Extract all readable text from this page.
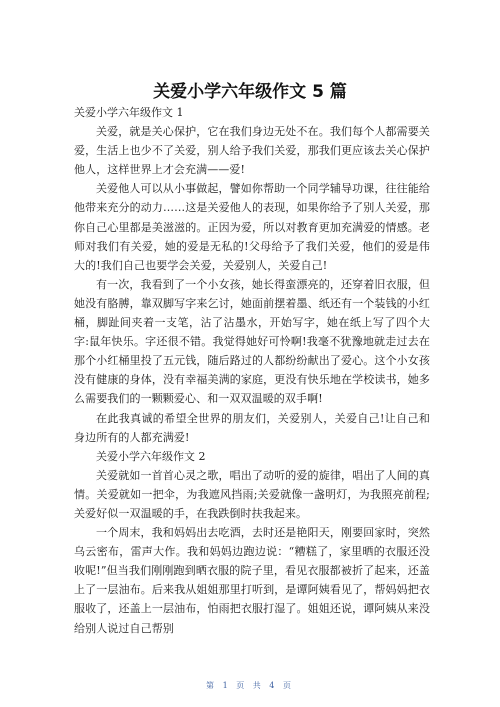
关爱小学六年级作文 5 篇

关爱小学六年级作文 1

关爱，就是关心保护，它在我们身边无处不在。我们每个人都需要关爱，生活上也少不了关爱，别人给予我们关爱，那我们更应该去关心保护他人，这样世界上才会充满——爱!

关爱他人可以从小事做起，譬如你帮助一个同学辅导功课，往往能给他带来充分的动力……这是关爱他人的表现，如果你给予了别人关爱，那你自己心里都是美滋滋的。正因为爱，所以对教育更加充满爱的情感。老师对我们有关爱，她的爱是无私的!父母给予了我们关爱，他们的爱是伟大的!我们自己也要学会关爱，关爱别人，关爱自己!

有一次，我看到了一个小女孩，她长得蛮漂亮的，还穿着旧衣服，但她没有胳膊，靠双脚写字来乞讨，她面前摆着墨、纸还有一个装钱的小红桶，脚趾间夹着一支笔，沾了沾墨水，开始写字，她在纸上写了四个大字:鼠年快乐。字还很不错。我觉得她好可怜啊!我毫不犹豫地就走过去在那个小红桶里投了五元钱，随后路过的人都纷纷献出了爱心。这个小女孩没有健康的身体，没有幸福美满的家庭，更没有快乐地在学校读书，她多么需要我们的一颗颗爱心、和一双双温暖的双手啊!

在此我真诚的希望全世界的朋友们，关爱别人，关爱自己!让自己和身边所有的人都充满爱!

关爱小学六年级作文 2

关爱就如一首首心灵之歌，唱出了动听的爱的旋律，唱出了人间的真情。关爱就如一把伞，为我遮风挡雨;关爱就像一盏明灯，为我照亮前程;关爱好似一双温暖的手，在我跌倒时扶我起来。

一个周末，我和妈妈出去吃酒，去时还是艳阳天，刚要回家时，突然乌云密布，雷声大作。我和妈妈边跑边说：“糟糕了，家里晒的衣服还没收呢!”但当我们刚刚跑到晒衣服的院子里，看见衣服都被折了起来，还盖上了一层油布。后来我从姐姐那里打听到，是谭阿姨看见了，帮妈妈把衣服收了，还盖上一层油布，怕雨把衣服打湿了。姐姐还说，谭阿姨从来没给别人说过自己帮别

第 1 页 共 4 页
